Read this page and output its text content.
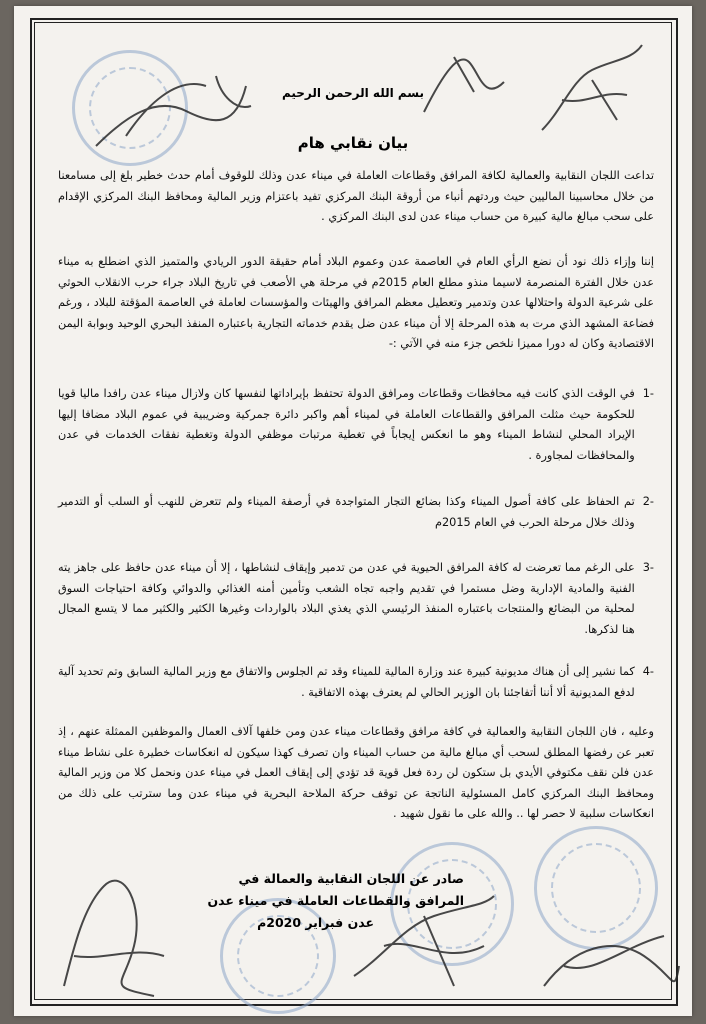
بسم الله الرحمن الرحيم
بيان نقابي هام

تداعت اللجان النقابية والعمالية لكافة المرافق وقطاعات العاملة في ميناء عدن وذلك للوقوف أمام حدث خطير بلغ إلى مسامعنا من خلال محاسبينا الماليين حيث وردتهم أنباء من أروقة البنك المركزي تفيد باعتزام وزير المالية ومحافظ البنك المركزي الإقدام على سحب مبالغ مالية كبيرة من حساب ميناء عدن لدى البنك المركزي .

إننا وإزاء ذلك نود أن نضع الرأي العام في العاصمة عدن وعموم البلاد أمام حقيقة الدور الريادي والمتميز الذي اضطلع به ميناء عدن خلال الفترة المنصرمة لاسيما منذو مطلع العام 2015م في مرحلة هي الأصعب في تاريخ البلاد جراء حرب الانقلاب الحوثي على شرعية الدولة واحتلالها عدن وتدمير وتعطيل معظم المرافق والهيئات والمؤسسات لعاملة في العاصمة المؤقتة للبلاد ، ورغم فضاعة المشهد الذي مرت به هذه المرحلة إلا أن ميناء عدن ضل يقدم خدماته التجارية باعتباره المنفذ البحري الوحيد وبوابة اليمن الاقتصادية وكان له دورا مميزا نلخص جزء منه في الآتي :-

-1
في الوقت الذي كانت فيه محافظات وقطاعات ومرافق الدولة تحتفظ بإيراداتها لنفسها كان ولازال ميناء عدن رافدا ماليا قويا للحكومة حيث مثلت المرافق والقطاعات العاملة في لميناء أهم واكبر دائرة جمركية وضريبية في عموم البلاد مضافا إليها الإيراد المحلي لنشاط الميناء وهو ما انعكس إيجاباً في تغطية مرتبات موظفي الدولة وتغطية نفقات الخدمات في عدن والمحافظات لمجاورة .
-2
تم الحفاظ على كافة أصول الميناء وكذا بضائع التجار المتواجدة في أرصفة الميناء ولم تتعرض للنهب أو السلب أو التدمير وذلك خلال مرحلة الحرب في العام 2015م
-3
على الرغم مما تعرضت له كافة المرافق الحيوية في عدن من تدمير وإيقاف لنشاطها ، إلا أن ميناء عدن حافظ على جاهز يته الفنية والمادية الإدارية وضل مستمرا في تقديم واجبه تجاه الشعب وتأمين أمنه الغذائي والدوائي وكافة احتياجات السوق لمحلية من البضائع والمنتجات باعتباره المنفذ الرئيسي الذي يغذي البلاد بالواردات وغيرها الكثير والكثير مما لا يتسع المجال هنا لذكرها.
-4
كما نشير إلى أن هناك مديونية كبيرة عند وزارة المالية للميناء وقد تم الجلوس والاتفاق مع وزير المالية السابق وتم تحديد آلية لدفع المديونية ألا أننا أتفاجئنا بان الوزير الحالي لم يعترف بهذه الاتفاقية .

وعليه ، فان اللجان النقابية والعمالية في كافة مرافق وقطاعات ميناء عدن ومن خلفها آلاف العمال والموظفين الممثلة عنهم ، إذ تعبر عن رفضها المطلق لسحب أي مبالغ مالية من حساب الميناء وان تصرف كهذا سيكون له انعكاسات خطيرة على نشاط ميناء عدن فلن نقف مكتوفي الأيدي بل ستكون لن ردة فعل قوية قد تؤدي إلى إيقاف العمل في ميناء عدن ونحمل كلا من وزير المالية ومحافظ البنك المركزي كامل المسئولية الناتجة عن توقف حركة الملاحة البحرية في ميناء عدن وما سترتب على ذلك من انعكاسات سلبية لا حصر لها .. والله على ما نقول شهيد .

صادر عن اللجان النقابية والعمالة في
المرافق والقطاعات العاملة في ميناء عدن
عدن فبراير 2020م
